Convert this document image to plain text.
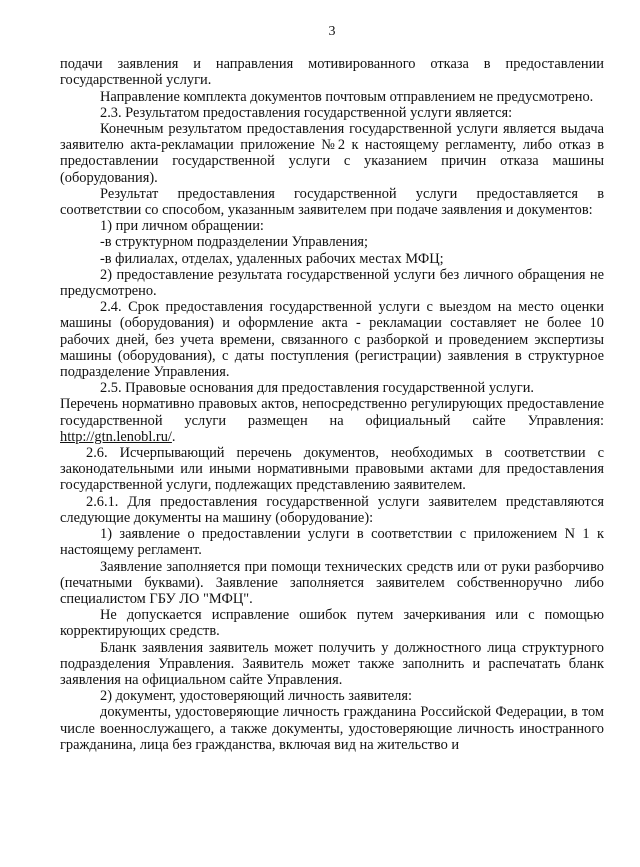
3

подачи заявления и направления мотивированного отказа в предоставлении государственной услуги.

Направление комплекта документов почтовым отправлением не предусмотрено.

2.3. Результатом предоставления государственной услуги является:

Конечным результатом предоставления государственной услуги является выдача заявителю акта-рекламации приложение №2 к настоящему регламенту, либо отказ в предоставлении государственной услуги с указанием причин отказа машины (оборудования).

Результат предоставления государственной услуги предоставляется в соответствии со способом, указанным заявителем при подаче заявления и документов:

1) при личном обращении:

-в структурном подразделении Управления;

-в филиалах, отделах, удаленных рабочих местах МФЦ;

2) предоставление результата государственной услуги без личного обращения не предусмотрено.

2.4. Срок предоставления государственной услуги с выездом на место оценки машины (оборудования) и оформление акта - рекламации составляет не более 10 рабочих дней, без учета времени, связанного с разборкой и проведением экспертизы машины (оборудования), с даты поступления (регистрации) заявления в структурное подразделение Управления.

2.5. Правовые основания для предоставления государственной услуги.

Перечень нормативно правовых актов, непосредственно регулирующих предоставление государственной услуги размещен на официальный сайте Управления: http://gtn.lenobl.ru/.

2.6. Исчерпывающий перечень документов, необходимых в соответствии с законодательными или иными нормативными правовыми актами для предоставления государственной услуги, подлежащих представлению заявителем.

2.6.1. Для предоставления государственной услуги заявителем представляются следующие документы на машину (оборудование):

1) заявление о предоставлении услуги в соответствии с приложением N 1 к настоящему регламент.

Заявление заполняется при помощи технических средств или от руки разборчиво (печатными буквами). Заявление заполняется заявителем собственноручно либо специалистом ГБУ ЛО "МФЦ".

Не допускается исправление ошибок путем зачеркивания или с помощью корректирующих средств.

Бланк заявления заявитель может получить у должностного лица структурного подразделения Управления. Заявитель может также заполнить и распечатать бланк заявления на официальном сайте Управления.

2) документ, удостоверяющий личность заявителя:

документы, удостоверяющие личность гражданина Российской Федерации, в том числе военнослужащего, а также документы, удостоверяющие личность иностранного гражданина, лица без гражданства, включая вид на жительство и
